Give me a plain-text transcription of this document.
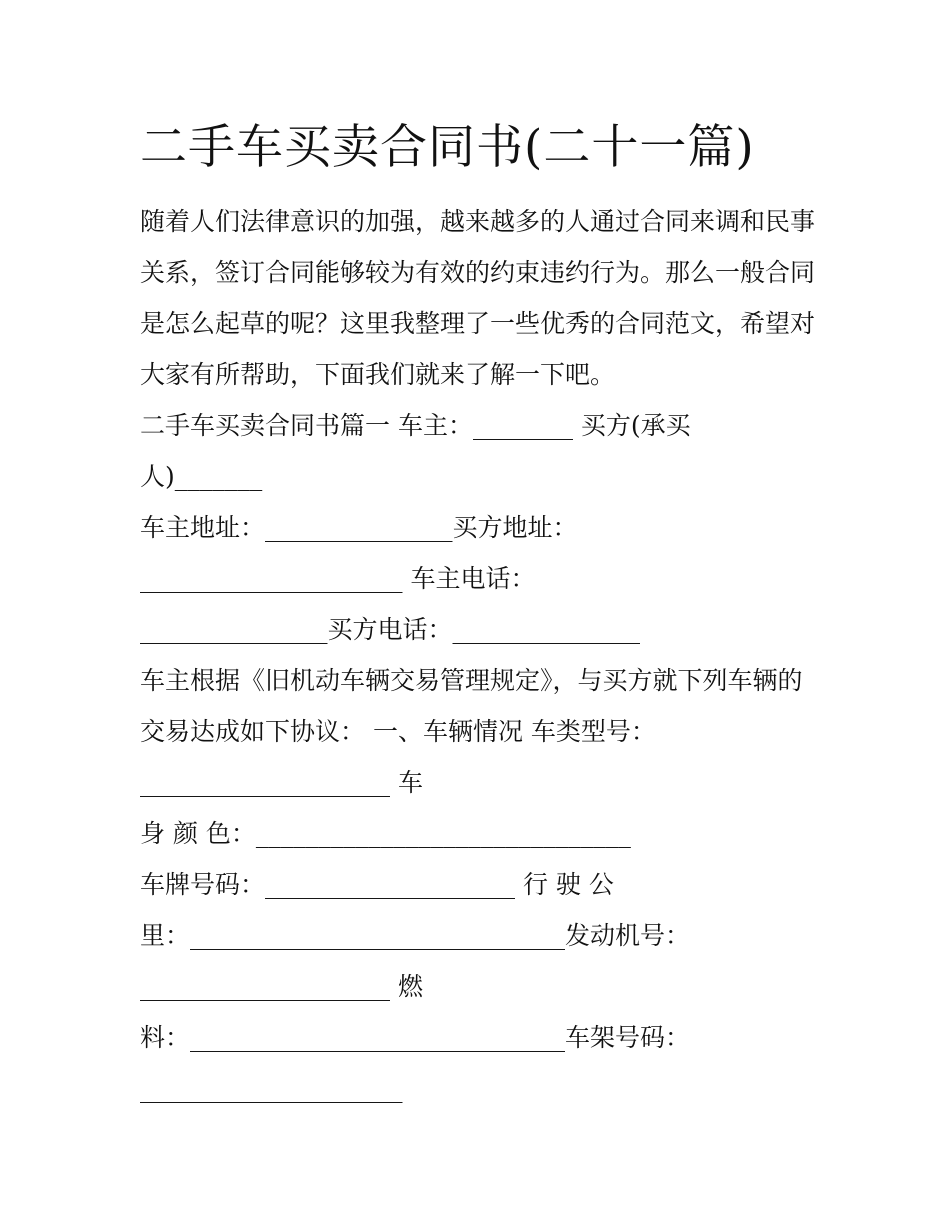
二手车买卖合同书(二十一篇)
随着人们法律意识的加强，越来越多的人通过合同来调和民事
关系，签订合同能够较为有效的约束违约行为。那么一般合同
是怎么起草的呢？这里我整理了一些优秀的合同范文，希望对
大家有所帮助，下面我们就来了解一下吧。
二手车买卖合同书篇一 车主：________ 买方(承买
人)_______
车主地址：_______________买方地址：
_____________________ 车主电话：
_______________买方电话：_______________
车主根据《旧机动车辆交易管理规定》，与买方就下列车辆的
交易达成如下协议： 一、车辆情况 车类型号：
____________________ 车
身 颜 色：______________________________
车牌号码：____________________ 行 驶 公
里：______________________________发动机号：
____________________ 燃
料：______________________________车架号码：
_____________________
